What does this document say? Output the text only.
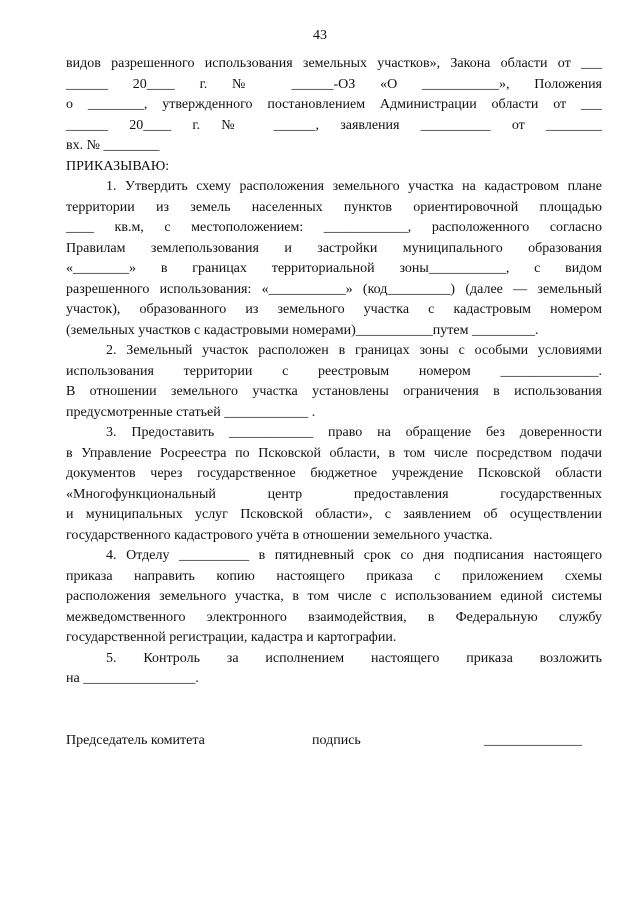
43
видов разрешенного использования земельных участков», Закона области от ___
______ 20____ г. № ______-ОЗ «О ___________», Положения
о ________, утвержденного постановлением Администрации области от ___
______ 20____ г. № ______, заявления __________ от ________
вх. № ________
ПРИКАЗЫВАЮ:
1. Утвердить схему расположения земельного участка на кадастровом плане
территории из земель населенных пунктов ориентировочной площадью
____ кв.м, с местоположением: ____________, расположенного согласно
Правилам землепользования и застройки муниципального образования
«________» в границах территориальной зоны___________, с видом
разрешенного использования: «___________» (код_________) (далее — земельный
участок), образованного из земельного участка с кадастровым номером
(земельных участков с кадастровыми номерами)___________путем _________.
2. Земельный участок расположен в границах зоны с особыми условиями
использования территории с реестровым номером ______________.
В отношении земельного участка установлены ограничения в использования
предусмотренные статьей ____________ .
3. Предоставить ____________ право на обращение без доверенности
в Управление Росреестра по Псковской области, в том числе посредством подачи
документов через государственное бюджетное учреждение Псковской области
«Многофункциональный центр предоставления государственных
и муниципальных услуг Псковской области», с заявлением об осуществлении
государственного кадастрового учёта в отношении земельного участка.
4. Отделу __________ в пятидневный срок со дня подписания настоящего
приказа направить копию настоящего приказа с приложением схемы
расположения земельного участка, в том числе с использованием единой системы
межведомственного электронного взаимодействия, в Федеральную службу
государственной регистрации, кадастра и картографии.
5. Контроль за исполнением настоящего приказа возложить
на ________________.
Председатель комитета	подпись	______________
